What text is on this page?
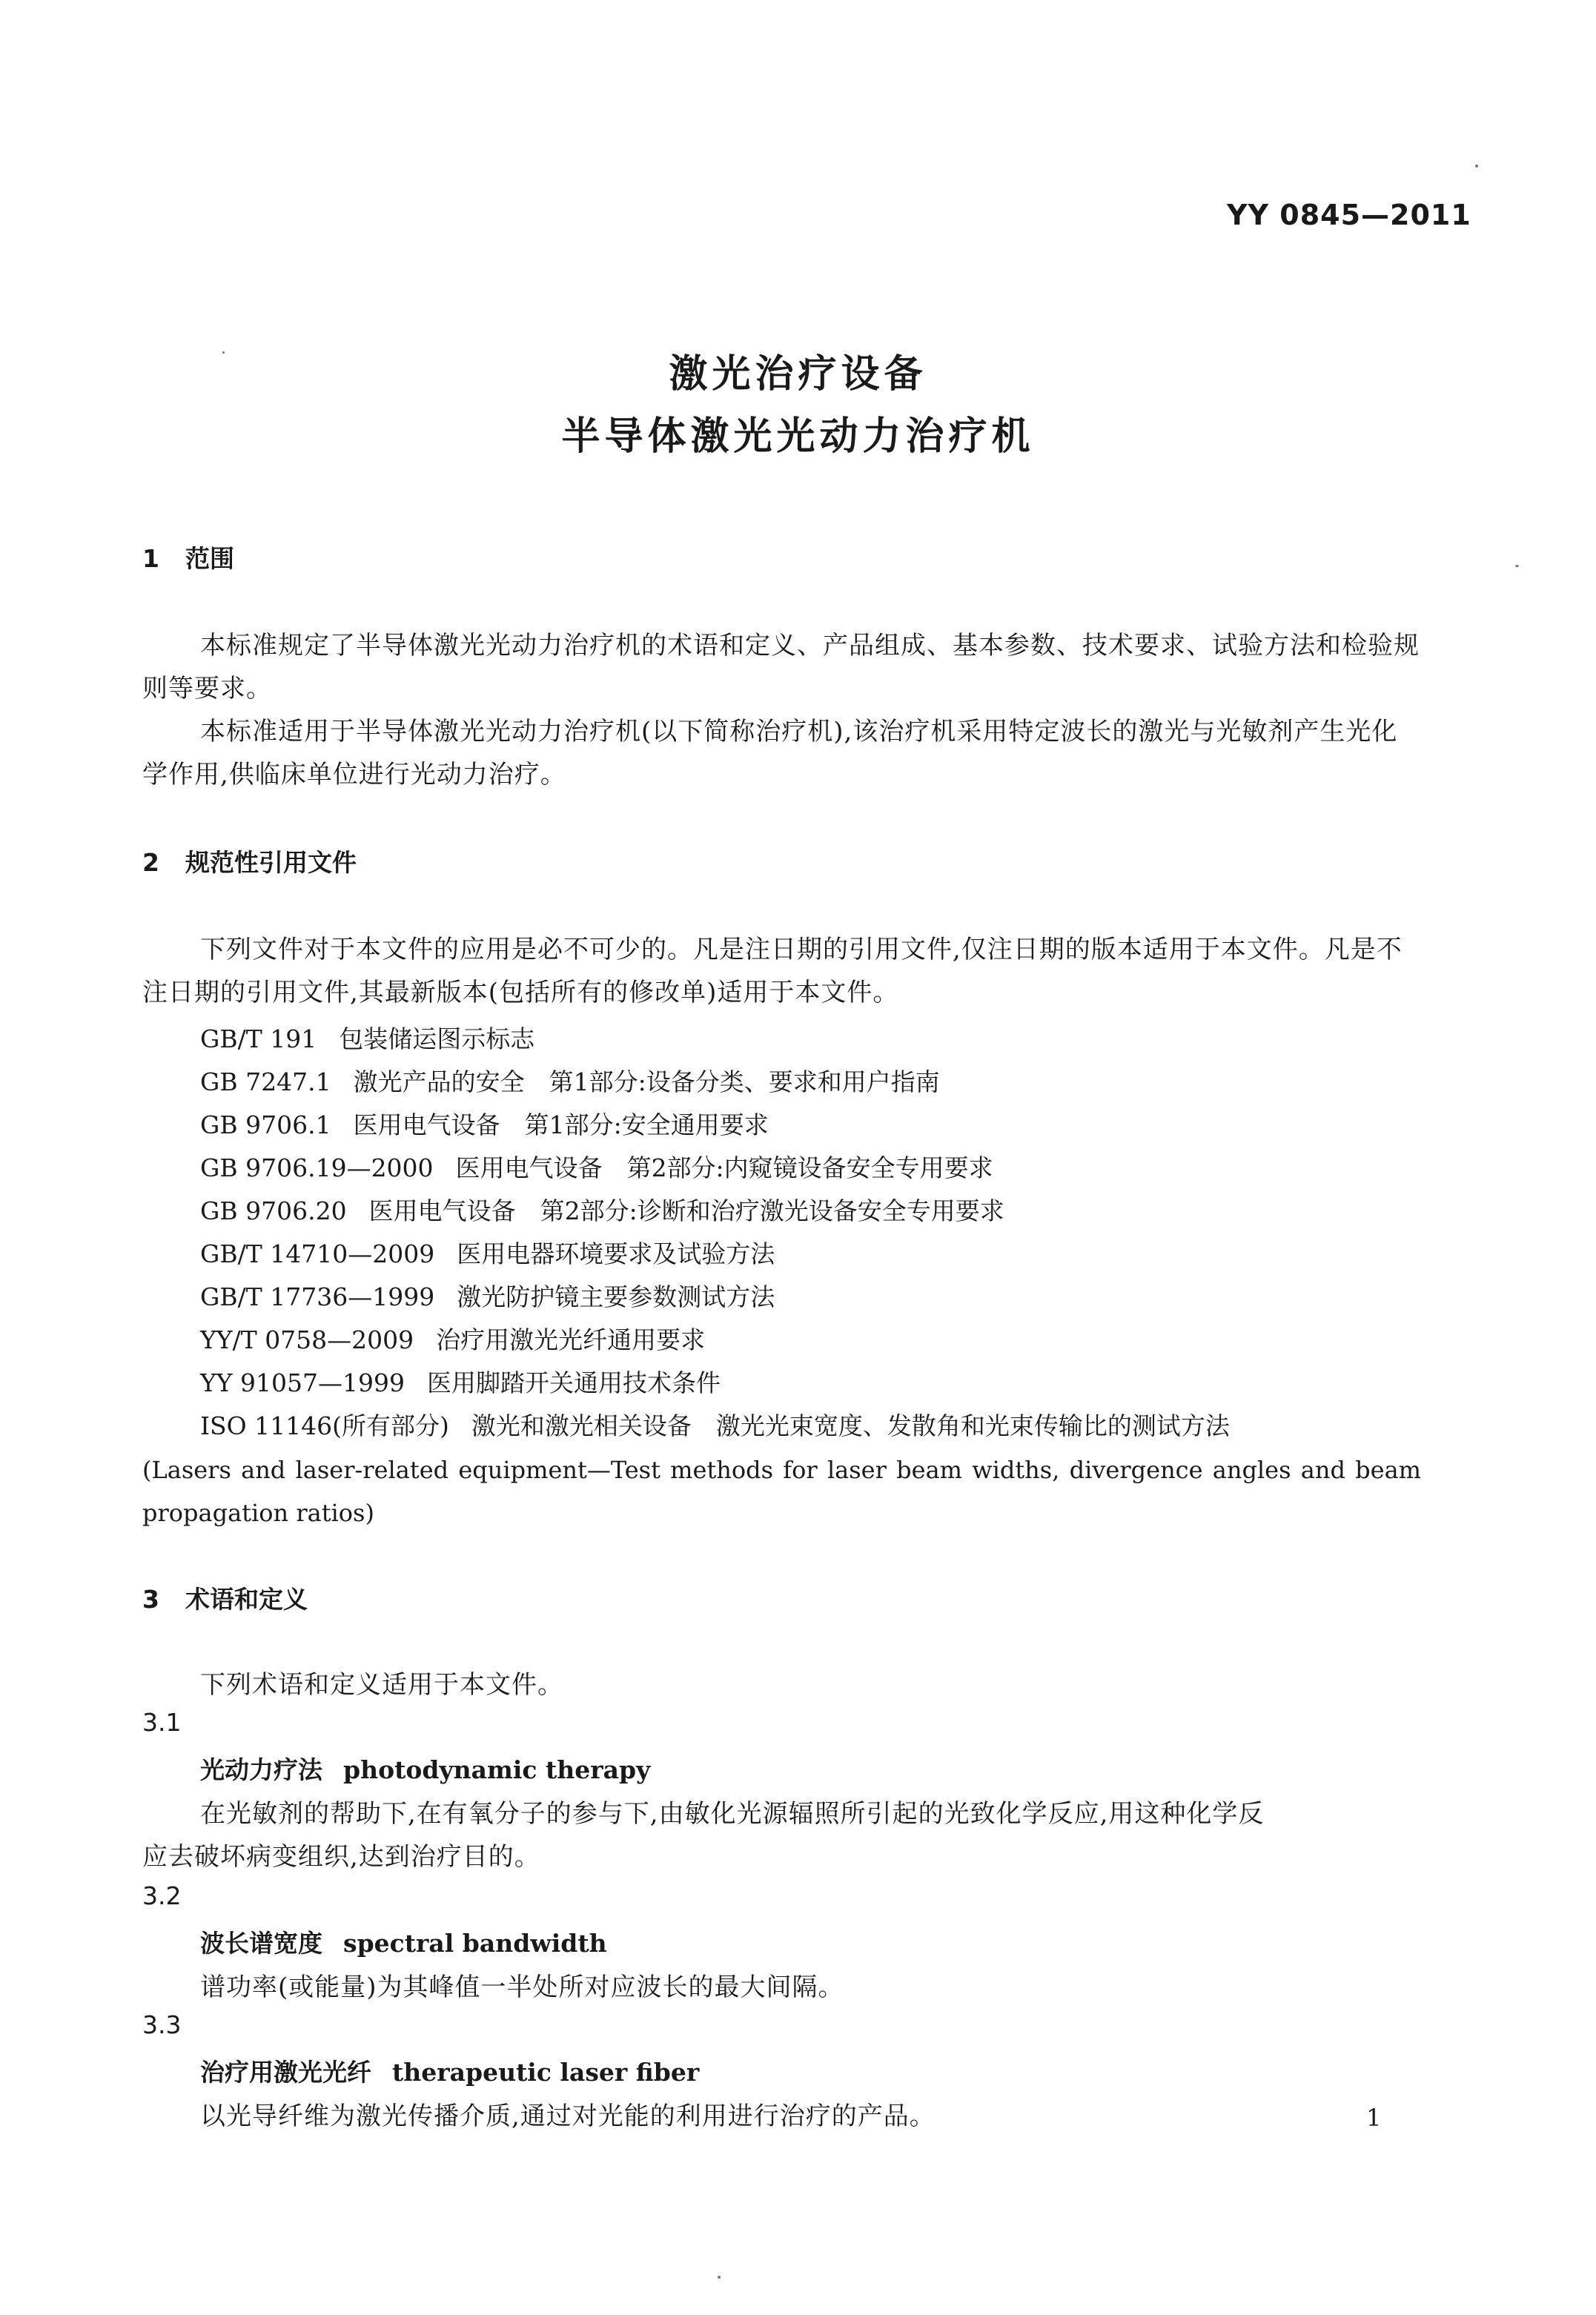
YY 0845—2011
激光治疗设备
半导体激光光动力治疗机
1 范围
本标准规定了半导体激光光动力治疗机的术语和定义、产品组成、基本参数、技术要求、试验方法和检验规则等要求。
本标准适用于半导体激光光动力治疗机(以下简称治疗机),该治疗机采用特定波长的激光与光敏剂产生光化学作用,供临床单位进行光动力治疗。
2 规范性引用文件
下列文件对于本文件的应用是必不可少的。凡是注日期的引用文件,仅注日期的版本适用于本文件。凡是不注日期的引用文件,其最新版本(包括所有的修改单)适用于本文件。
GB/T 191 包装储运图示标志
GB 7247.1 激光产品的安全　第1部分:设备分类、要求和用户指南
GB 9706.1 医用电气设备　第1部分:安全通用要求
GB 9706.19—2000 医用电气设备　第2部分:内窥镜设备安全专用要求
GB 9706.20 医用电气设备　第2部分:诊断和治疗激光设备安全专用要求
GB/T 14710—2009 医用电器环境要求及试验方法
GB/T 17736—1999 激光防护镜主要参数测试方法
YY/T 0758—2009 治疗用激光光纤通用要求
YY 91057—1999 医用脚踏开关通用技术条件
ISO 11146(所有部分) 激光和激光相关设备　激光光束宽度、发散角和光束传输比的测试方法
(Lasers and laser-related equipment—Test methods for laser beam widths, divergence angles and beam propagation ratios)
3 术语和定义
下列术语和定义适用于本文件。
3.1
光动力疗法 photodynamic therapy
在光敏剂的帮助下,在有氧分子的参与下,由敏化光源辐照所引起的光致化学反应,用这种化学反
应去破坏病变组织,达到治疗目的。
3.2
波长谱宽度 spectral bandwidth
谱功率(或能量)为其峰值一半处所对应波长的最大间隔。
3.3
治疗用激光光纤 therapeutic laser fiber
以光导纤维为激光传播介质,通过对光能的利用进行治疗的产品。	1
